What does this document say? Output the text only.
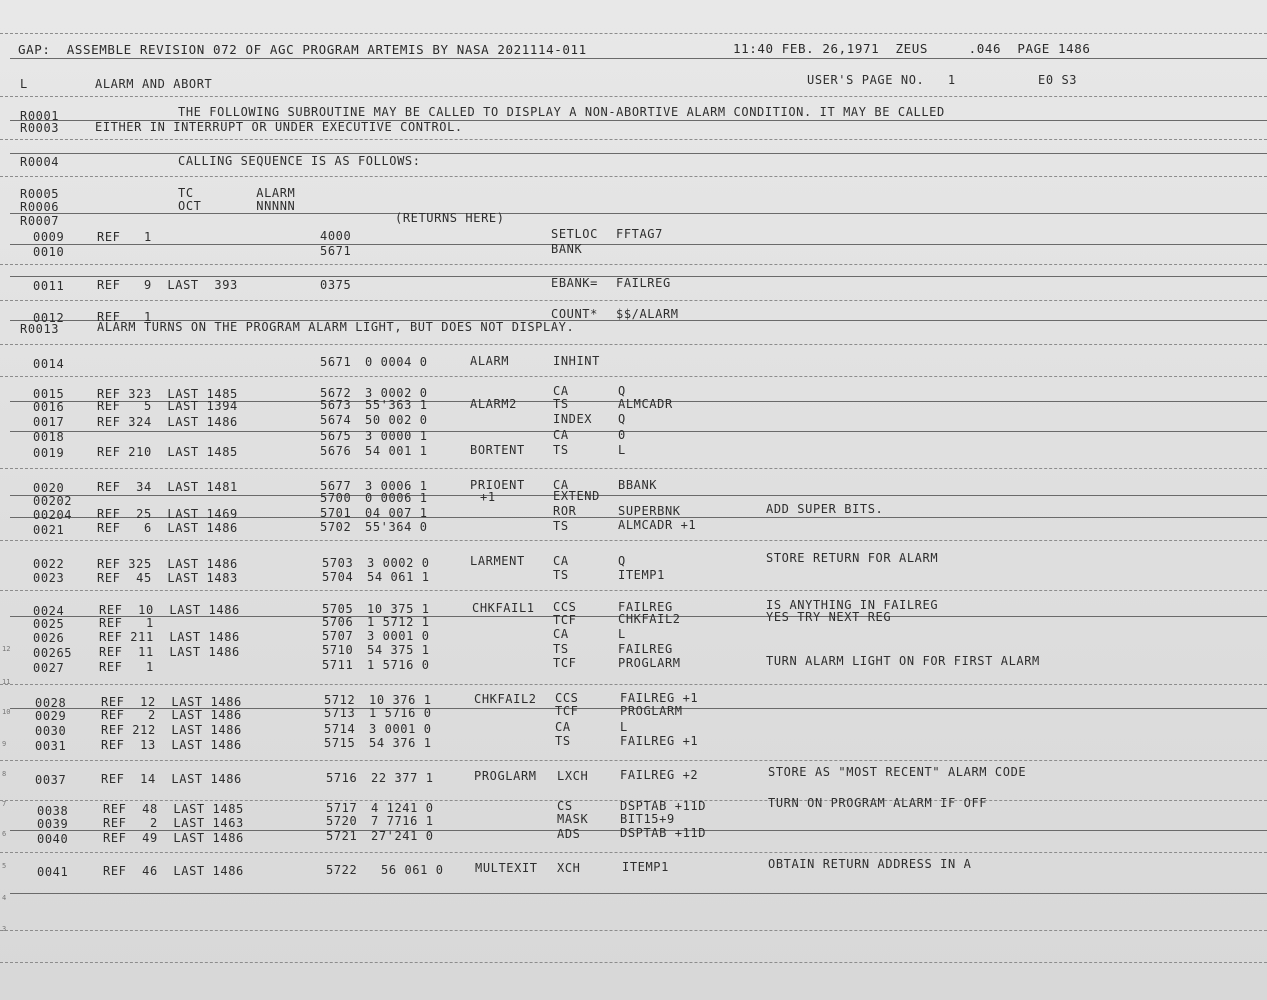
GAP:  ASSEMBLE REVISION 072 OF AGC PROGRAM ARTEMIS BY NASA 2021114-011	11:40 FEB. 26,1971  ZEUS     .046  PAGE 1486
L	ALARM AND ABORT	USER'S PAGE NO.   1	E0 S3
R0001	THE FOLLOWING SUBROUTINE MAY BE CALLED TO DISPLAY A NON-ABORTIVE ALARM CONDITION. IT MAY BE CALLED
R0003	EITHER IN INTERRUPT OR UNDER EXECUTIVE CONTROL.
R0004	CALLING SEQUENCE IS AS FOLLOWS:
R0005	TC        ALARM
R0006	OCT       NNNNN
R0007	(RETURNS HERE)
0009	REF   1	4000	SETLOC FFTAG7
0010	5671	BANK
0011	REF   9  LAST  393	0375	EBANK= FAILREG
0012	REF   1	COUNT* $$/ALARM
R0013	ALARM TURNS ON THE PROGRAM ALARM LIGHT, BUT DOES NOT DISPLAY.
0014	5671 0 0004 0	ALARM	INHINT
0015	REF 323  LAST 1485	5672 3 0002 0	CA	Q
0016	REF   5  LAST 1394	5673 55'363 1	ALARM2	TS	ALMCADR
0017	REF 324  LAST 1486	5674 50 002 0	INDEX Q
0018	5675 3 0000 1	CA	0
0019	REF 210  LAST 1485	5676 54 001 1	BORTENT TS	L
0020	REF  34  LAST 1481	5677 3 0006 1	PRIOENT CA	BBANK
00202	5700 0 0006 1	+1	EXTEND
00204 REF  25  LAST 1469	5701 04 007 1	ROR	SUPERBNK	ADD SUPER BITS.
0021	REF   6  LAST 1486	5702 55'364 0	TS	ALMCADR +1
0022	REF 325  LAST 1486	5703 3 0002 0	LARMENT CA	Q	STORE RETURN FOR ALARM
0023	REF  45  LAST 1483	5704 54 061 1	TS	ITEMP1
0024	REF  10  LAST 1486	5705 10 375 1	CHKFAIL1 CCS	FAILREG	IS ANYTHING IN FAILREG
0025	REF   1	5706 1 5712 1	TCF	CHKFAIL2	YES TRY NEXT REG
0026	REF 211  LAST 1486	5707 3 0001 0	CA	L
00265 REF  11  LAST 1486	5710 54 375 1	TS	FAILREG
0027	REF   1	5711 1 5716 0	TCF	PROGLARM	TURN ALARM LIGHT ON FOR FIRST ALARM
0028	REF  12  LAST 1486	5712 10 376 1	CHKFAIL2 CCS	FAILREG +1
0029	REF   2  LAST 1486	5713 1 5716 0	TCF	PROGLARM
0030	REF 212  LAST 1486	5714 3 0001 0	CA	L
0031	REF  13  LAST 1486	5715 54 376 1	TS	FAILREG +1
0037	REF  14  LAST 1486	5716 22 377 1	PROGLARM LXCH	FAILREG +2	STORE AS "MOST RECENT" ALARM CODE
0038	REF  48  LAST 1485	5717 4 1241 0	CS	DSPTAB +11D	TURN ON PROGRAM ALARM IF OFF
0039	REF   2  LAST 1463	5720 7 7716 1	MASK	BIT15+9
0040	REF  49  LAST 1486	5721 27'241 0	ADS	DSPTAB +11D
0041	REF  46  LAST 1486	5722 56 061 0	MULTEXIT XCH	ITEMP1	OBTAIN RETURN ADDRESS IN A
12
11
10
9
8
7
6
5
4
3
